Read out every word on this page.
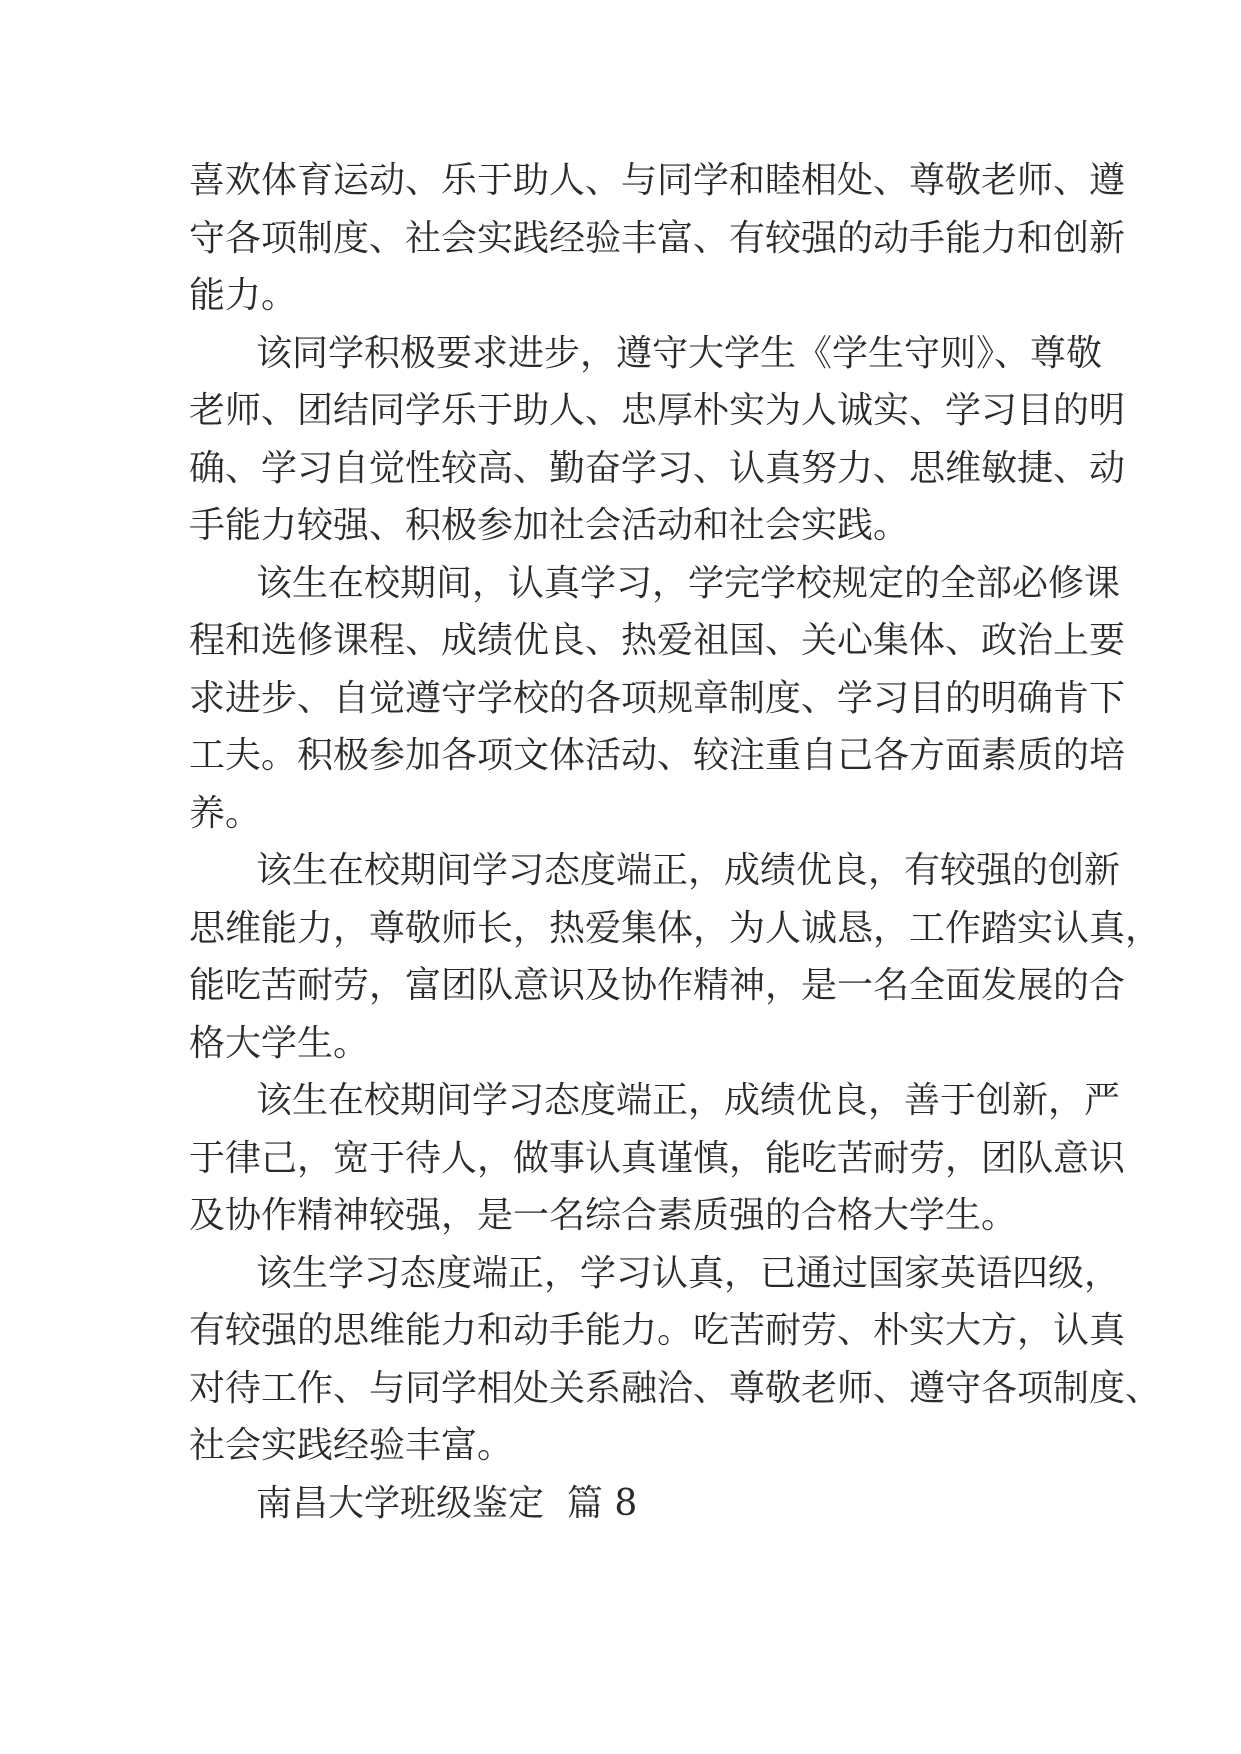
喜欢体育运动、乐于助人、与同学和睦相处、尊敬老师、遵
守各项制度、社会实践经验丰富、有较强的动手能力和创新
能力。
该同学积极要求进步，遵守大学生《学生守则》、尊敬
老师、团结同学乐于助人、忠厚朴实为人诚实、学习目的明
确、学习自觉性较高、勤奋学习、认真努力、思维敏捷、动
手能力较强、积极参加社会活动和社会实践。
该生在校期间，认真学习，学完学校规定的全部必修课
程和选修课程、成绩优良、热爱祖国、关心集体、政治上要
求进步、自觉遵守学校的各项规章制度、学习目的明确肯下
工夫。积极参加各项文体活动、较注重自己各方面素质的培
养。
该生在校期间学习态度端正，成绩优良，有较强的创新
思维能力，尊敬师长，热爱集体，为人诚恳，工作踏实认真，
能吃苦耐劳，富团队意识及协作精神，是一名全面发展的合
格大学生。
该生在校期间学习态度端正，成绩优良，善于创新，严
于律己，宽于待人，做事认真谨慎，能吃苦耐劳，团队意识
及协作精神较强，是一名综合素质强的合格大学生。
该生学习态度端正，学习认真，已通过国家英语四级，
有较强的思维能力和动手能力。吃苦耐劳、朴实大方，认真
对待工作、与同学相处关系融洽、尊敬老师、遵守各项制度、
社会实践经验丰富。
南昌大学班级鉴定  篇 8
